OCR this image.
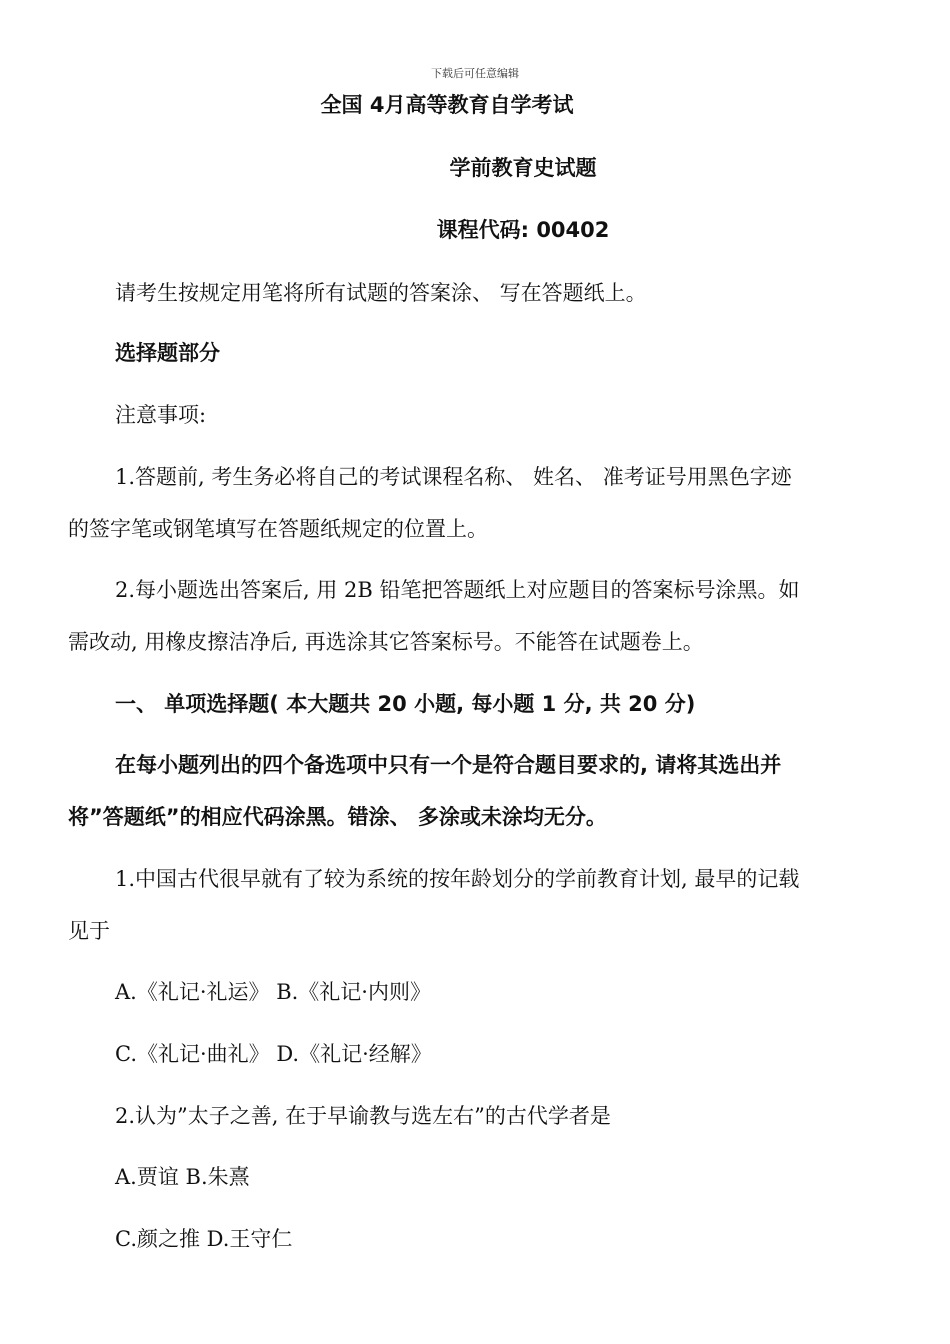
下载后可任意编辑
全国 4月高等教育自学考试
学前教育史试题
课程代码: 00402
请考生按规定用笔将所有试题的答案涂、 写在答题纸上。
选择题部分
注意事项:
1.答题前, 考生务必将自己的考试课程名称、 姓名、 准考证号用黑色字迹
的签字笔或钢笔填写在答题纸规定的位置上。
2.每小题选出答案后, 用 2B 铅笔把答题纸上对应题目的答案标号涂黑。如
需改动, 用橡皮擦洁净后, 再选涂其它答案标号。不能答在试题卷上。
一、 单项选择题( 本大题共 20 小题, 每小题 1 分, 共 20 分)
在每小题列出的四个备选项中只有一个是符合题目要求的, 请将其选出并
将”答题纸”的相应代码涂黑。错涂、 多涂或未涂均无分。
1.中国古代很早就有了较为系统的按年龄划分的学前教育计划, 最早的记载
见于
A.《礼记·礼运》 B.《礼记·内则》
C.《礼记·曲礼》 D.《礼记·经解》
2.认为”太子之善, 在于早谕教与选左右”的古代学者是
A.贾谊 B.朱熹
C.颜之推 D.王守仁
